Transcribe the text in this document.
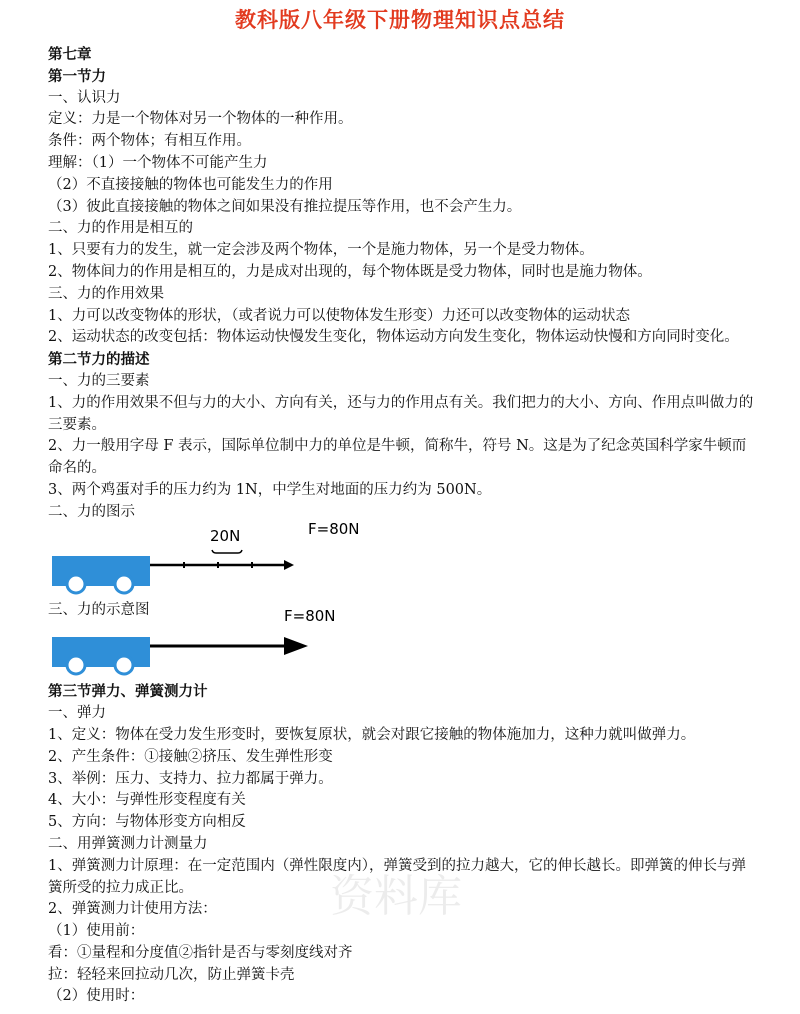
教科版八年级下册物理知识点总结
第七章
第一节力
一、认识力
定义：力是一个物体对另一个物体的一种作用。
条件：两个物体；有相互作用。
理解：（1）一个物体不可能产生力
（2）不直接接触的物体也可能发生力的作用
（3）彼此直接接触的物体之间如果没有推拉提压等作用，也不会产生力。
二、力的作用是相互的
1、只要有力的发生，就一定会涉及两个物体，一个是施力物体，另一个是受力物体。
2、物体间力的作用是相互的，力是成对出现的，每个物体既是受力物体，同时也是施力物体。
三、力的作用效果
1、力可以改变物体的形状，（或者说力可以使物体发生形变）力还可以改变物体的运动状态
2、运动状态的改变包括：物体运动快慢发生变化，物体运动方向发生变化，物体运动快慢和方向同时变化。
第二节力的描述
一、力的三要素
1、力的作用效果不但与力的大小、方向有关，还与力的作用点有关。我们把力的大小、方向、作用点叫做力的三要素。
2、力一般用字母 F 表示，国际单位制中力的单位是牛顿，简称牛，符号 N。这是为了纪念英国科学家牛顿而命名的。
3、两个鸡蛋对手的压力约为 1N，中学生对地面的压力约为 500N。
二、力的图示
20N	F=80N
三、力的示意图	F=80N
第三节弹力、弹簧测力计
一、弹力
1、定义：物体在受力发生形变时，要恢复原状，就会对跟它接触的物体施加力，这种力就叫做弹力。
2、产生条件：①接触②挤压、发生弹性形变
3、举例：压力、支持力、拉力都属于弹力。
4、大小：与弹性形变程度有关
5、方向：与物体形变方向相反
二、用弹簧测力计测量力
1、弹簧测力计原理：在一定范围内（弹性限度内），弹簧受到的拉力越大，它的伸长越长。即弹簧的伸长与弹簧所受的拉力成正比。
2、弹簧测力计使用方法：
（1）使用前：
看：①量程和分度值②指针是否与零刻度线对齐
拉：轻轻来回拉动几次，防止弹簧卡壳
（2）使用时：
资料库
